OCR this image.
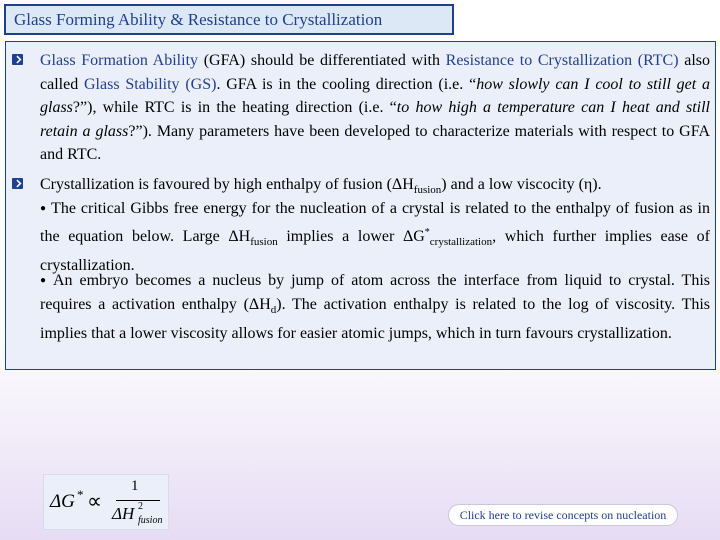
Glass Forming Ability & Resistance to Crystallization
Glass Formation Ability (GFA) should be differentiated with Resistance to Crystallization (RTC) also called Glass Stability (GS). GFA is in the cooling direction (i.e. “how slowly can I cool to still get a glass?”), while RTC is in the heating direction (i.e. “to how high a temperature can I heat and still retain a glass?”). Many parameters have been developed to characterize materials with respect to GFA and RTC.
Crystallization is favoured by high enthalpy of fusion $(\Delta H_{fusion})$ and a low viscocity (η).
● The critical Gibbs free energy for the nucleation of a crystal is related to the enthalpy of fusion as in the equation below. Large $\Delta H_{fusion}$ implies a lower $\Delta G^*_{crystallization}$, which further implies ease of crystallization.
● An embryo becomes a nucleus by jump of atom across the interface from liquid to crystal. This requires a activation enthalpy $(\Delta H_d)$. The activation enthalpy is related to the log of viscosity. This implies that a lower viscosity allows for easier atomic jumps, which in turn favours crystallization.
ΔG * ∝
1
ΔH 2
fusion	Click here to revise concepts on nucleation
